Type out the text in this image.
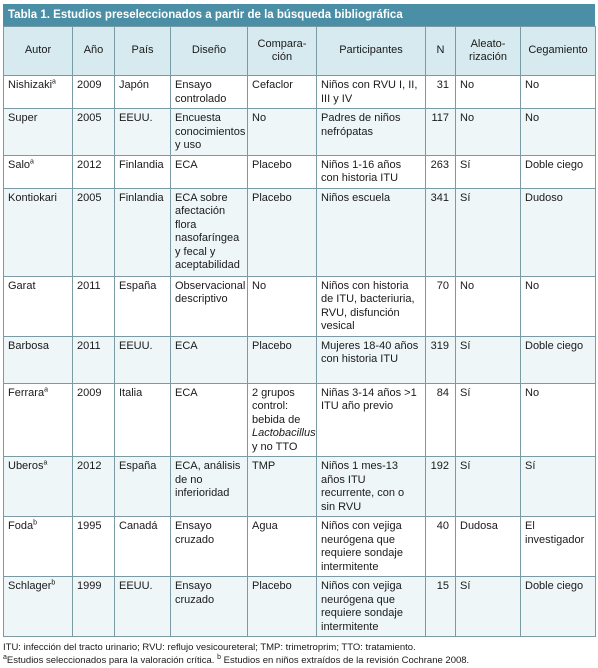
Tabla 1. Estudios preseleccionados a partir de la búsqueda bibliográfica
Autor	Año	País	Diseño	Compara-ción	Participantes	N	Aleato-rización	Cegamiento
Nishizaki$^a$	2009	Japón	Ensayo controlado	Cefaclor	Niños con RVU I, II, III y IV	31	No	No
Super	2005	EEUU.	Encuesta conocimientos y uso	No	Padres de niños nefrópatas	117	No	No
Salo$^a$	2012	Finlandia	ECA	Placebo	Niños 1-16 años con historia ITU	263	Sí	Doble ciego
Kontiokari	2005	Finlandia	ECA sobre afectación flora nasofaríngea y fecal y aceptabilidad	Placebo	Niños escuela	341	Sí	Dudoso
Garat	2011	España	Observacional descriptivo	No	Niños con historia de ITU, bacteriuria, RVU, disfunción vesical	70	No	No
Barbosa	2011	EEUU.	ECA	Placebo	Mujeres 18-40 años con historia ITU	319	Sí	Doble ciego
Ferrara$^a$	2009	Italia	ECA	2 grupos control: bebida de Lactobacillus y no TTO	Niñas 3-14 años >1 ITU año previo	84	Sí	No
Uberos$^a$	2012	España	ECA, análisis de no inferioridad	TMP	Niños 1 mes-13 años ITU recurrente, con o sin RVU	192	Sí	Sí
Foda$^b$	1995	Canadá	Ensayo cruzado	Agua	Niños con vejiga neurógena que requiere sondaje intermitente	40	Dudosa	El investigador
Schlager$^b$	1999	EEUU.	Ensayo cruzado	Placebo	Niños con vejiga neurógena que requiere sondaje intermitente	15	Sí	Doble ciego
ITU: infección del tracto urinario; RVU: reflujo vesicoureteral; TMP: trimetroprim; TTO: tratamiento.
$^a$Estudios seleccionados para la valoración crítica. $^b$ Estudios en niños extraídos de la revisión Cochrane 2008.
